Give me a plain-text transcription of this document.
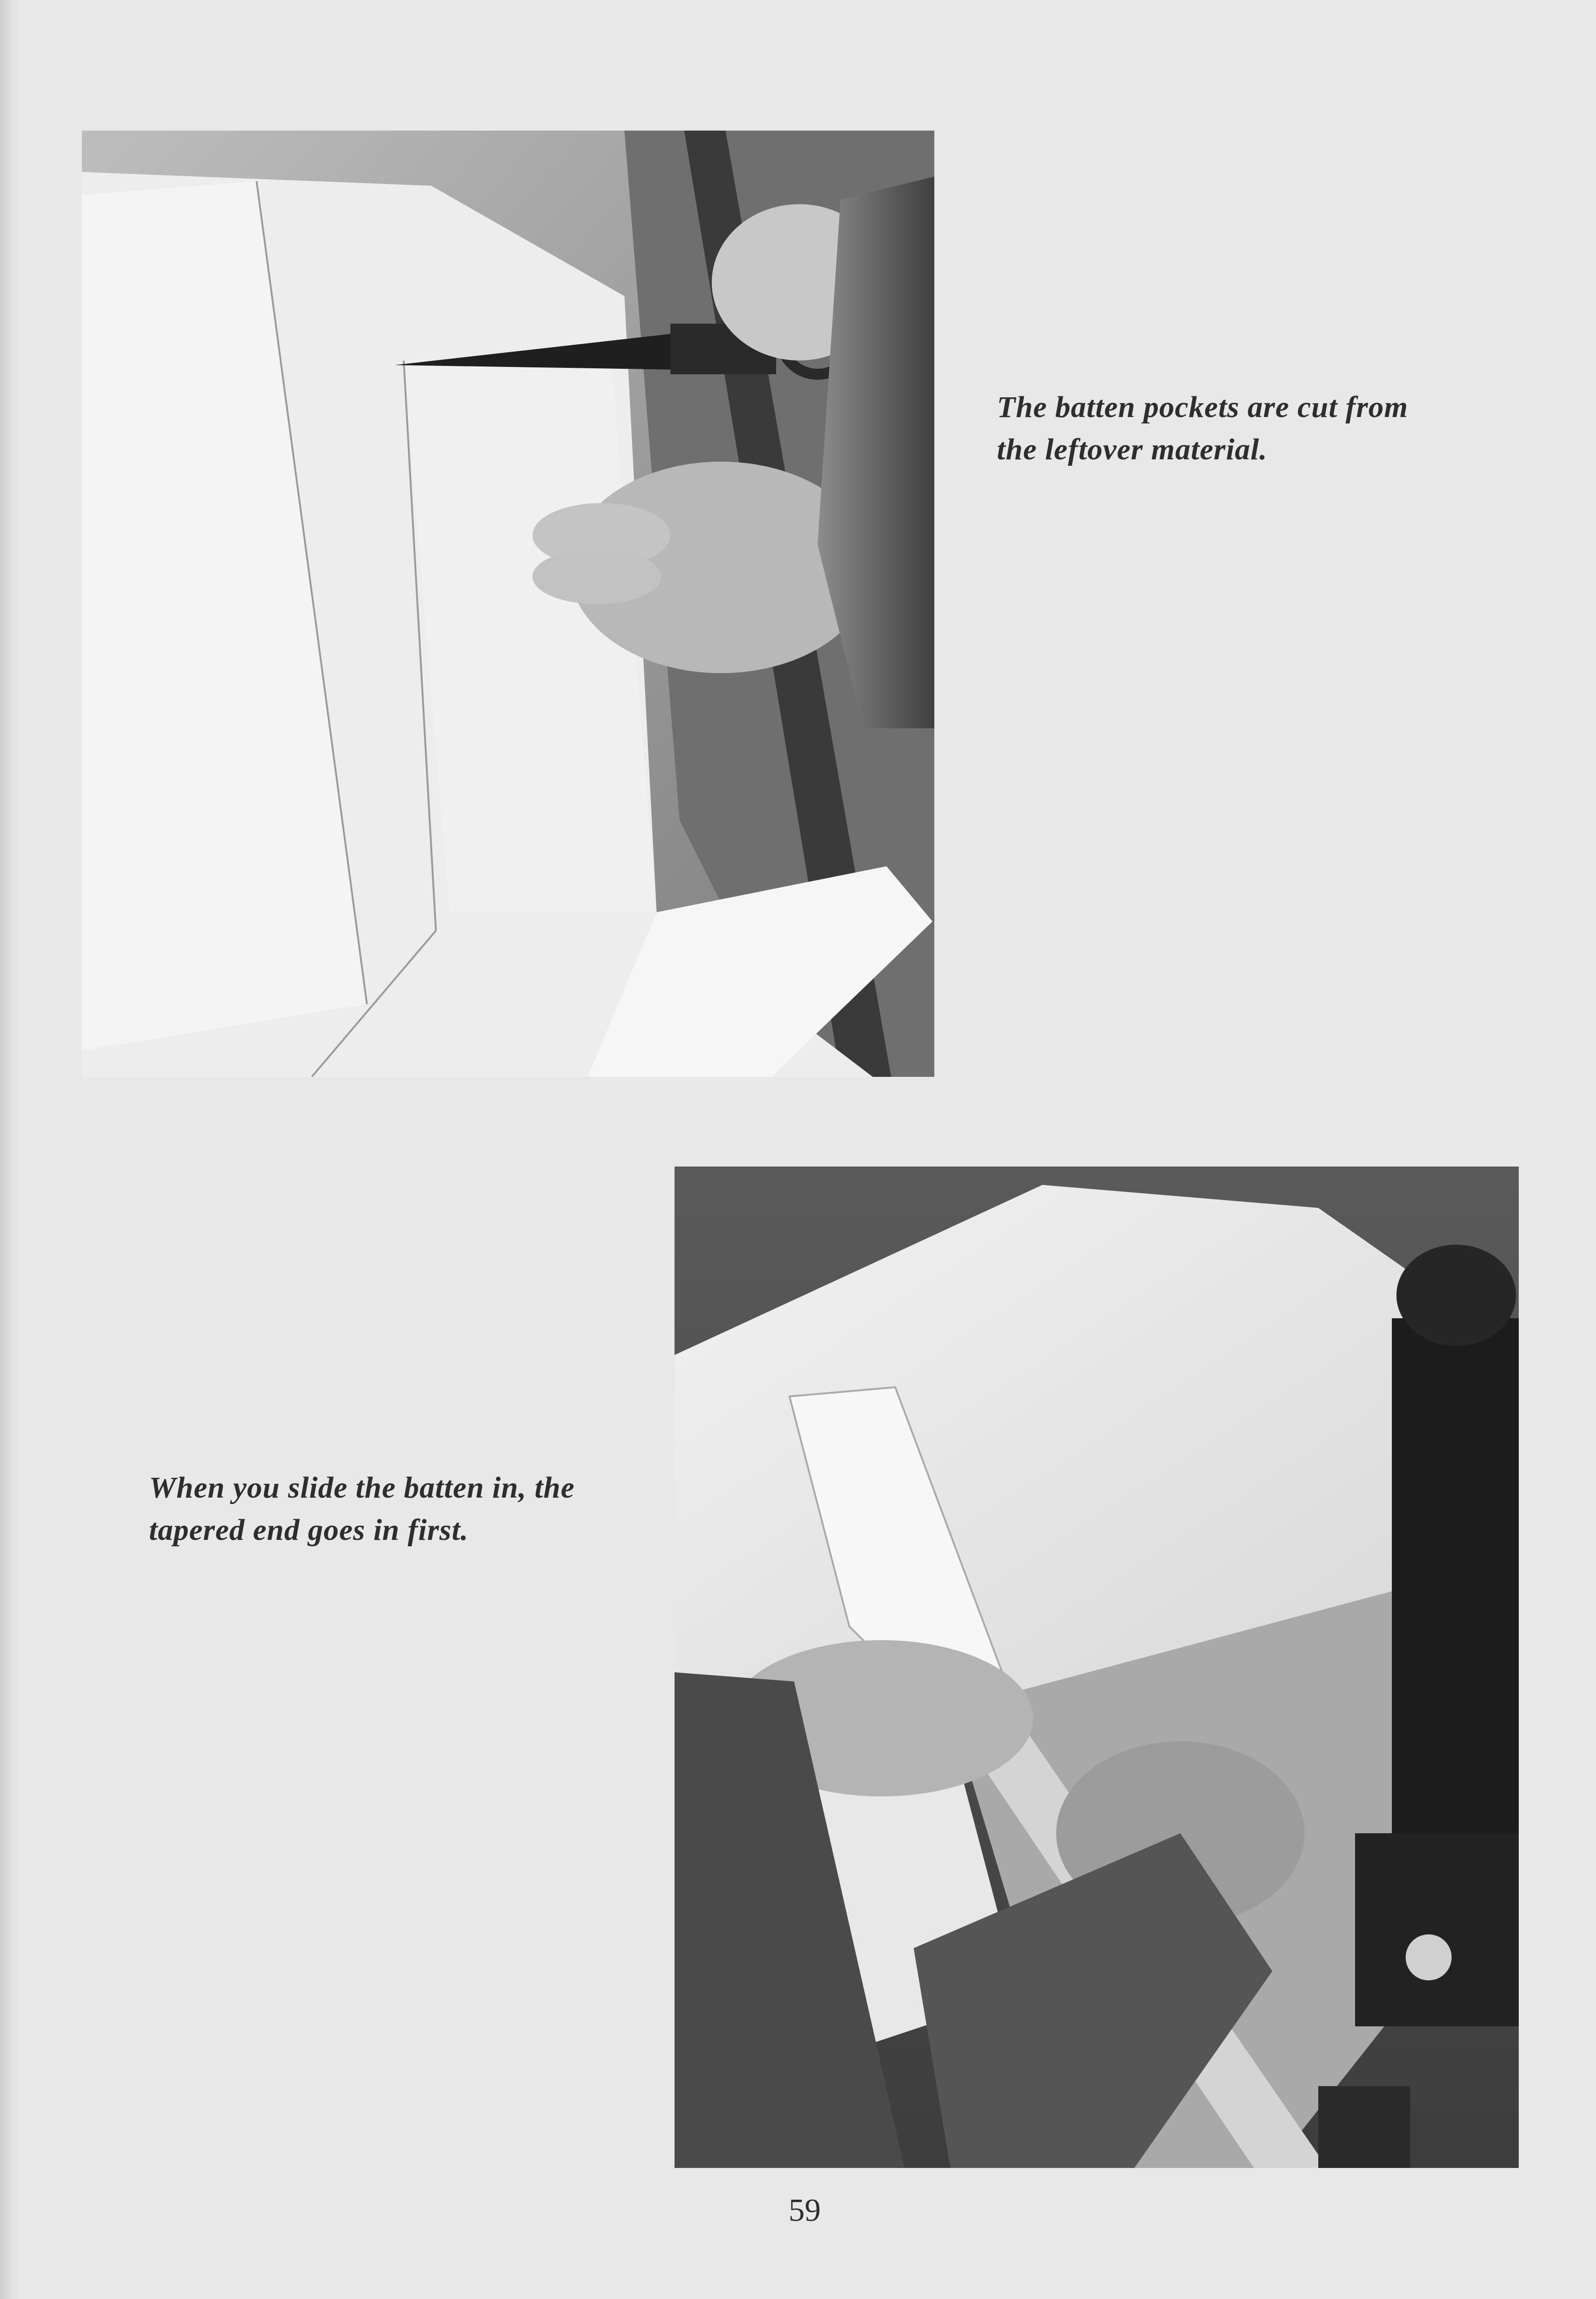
The batten pockets are cut from
the leftover material.
When you slide the batten in, the
tapered end goes in first.
59
